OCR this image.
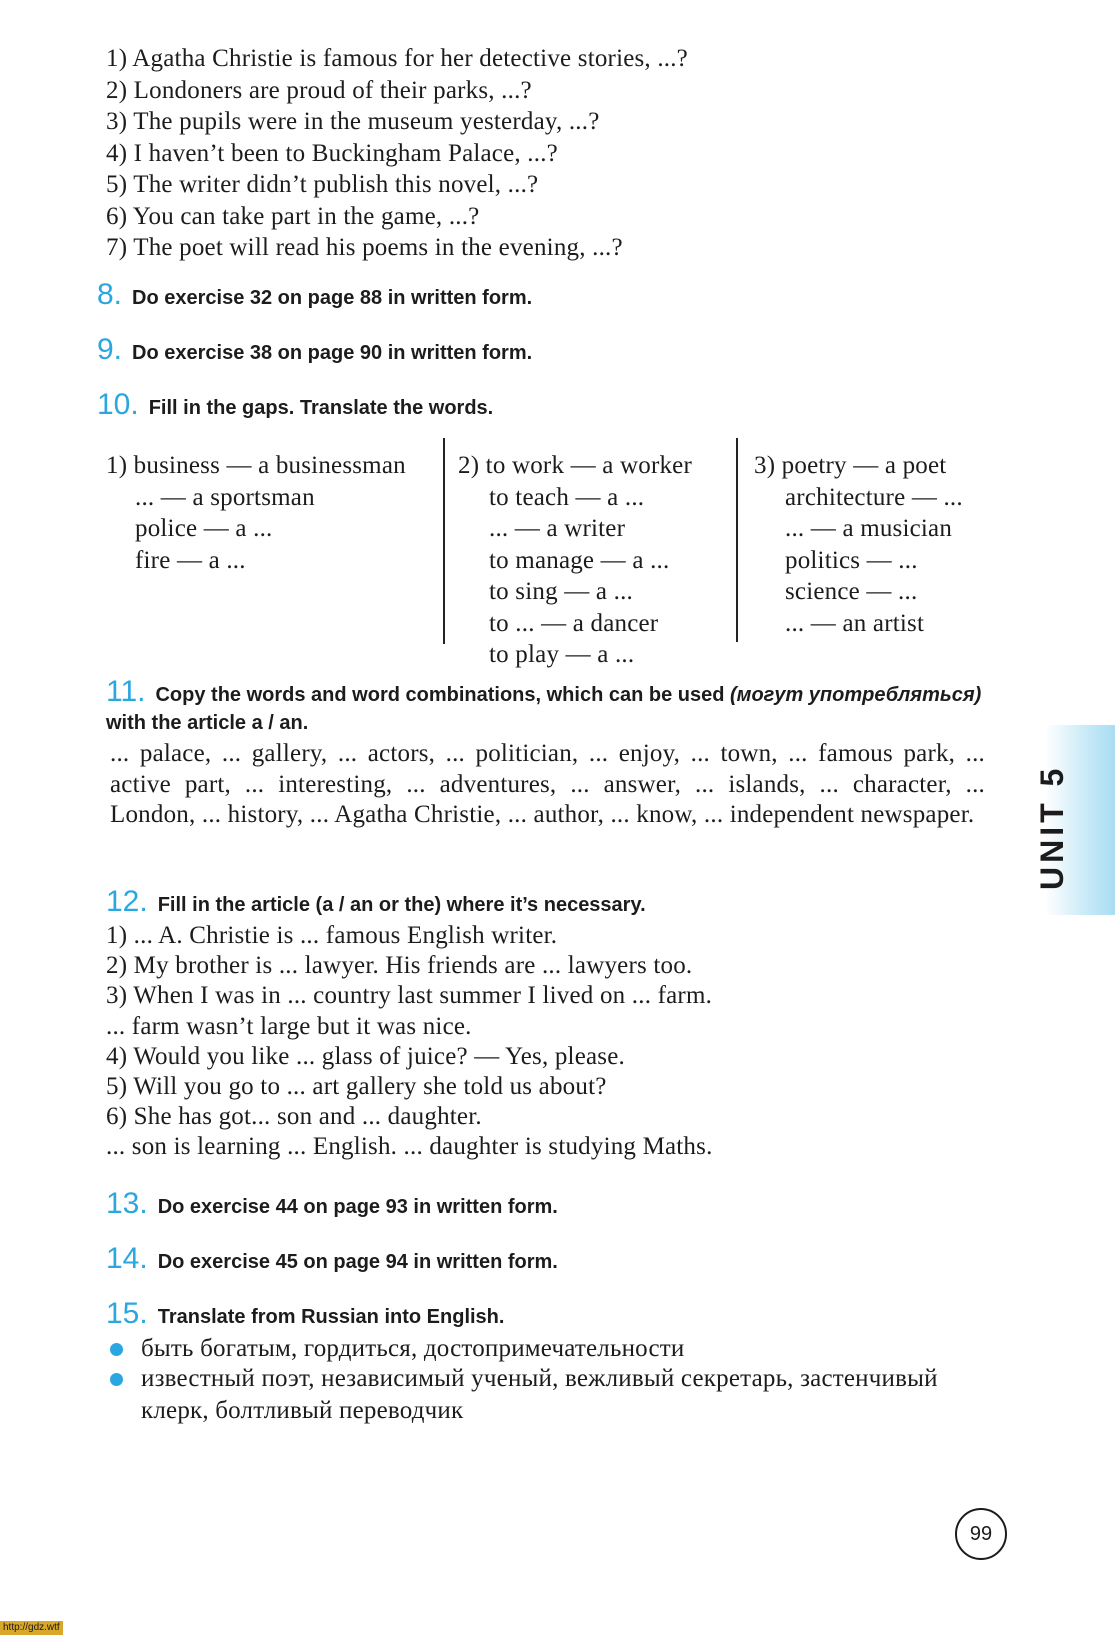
1) Agatha Christie is famous for her detective stories, ...?
2) Londoners are proud of their parks, ...?
3) The pupils were in the museum yesterday, ...?
4) I haven’t been to Buckingham Palace, ...?
5) The writer didn’t publish this novel, ...?
6) You can take part in the game, ...?
7) The poet will read his poems in the evening, ...?
8. Do exercise 32 on page 88 in written form.
9. Do exercise 38 on page 90 in written form.
10. Fill in the gaps. Translate the words.
1) business — a businessman
... — a sportsman
police — a ...
fire — a ...
2) to work — a worker
to teach — a ...
... — a writer
to manage — a ...
to sing — a ...
to ... — a dancer
to play — a ...
3) poetry — a poet
architecture — ...
... — a musician
politics — ...
science — ...
... — an artist
11. Copy the words and word combinations, which can be used (могут употребляться) with the article a / an.
... palace, ... gallery, ... actors, ... politician, ... enjoy, ... town, ... famous park, ... active part, ... interesting, ... adventures, ... answer, ... islands, ... character, ... London, ... history, ... Agatha Christie, ... author, ... know, ... independent newspaper.
12. Fill in the article (a / an or the) where it’s necessary.
1) ... A. Christie is ... famous English writer.
2) My brother is ... lawyer. His friends are ... lawyers too.
3) When I was in ... country last summer I lived on ... farm.
... farm wasn’t large but it was nice.
4) Would you like ... glass of juice? — Yes, please.
5) Will you go to ... art gallery she told us about?
6) She has got... son and ... daughter.
... son is learning ... English. ... daughter is studying Maths.
13. Do exercise 44 on page 93 in written form.
14. Do exercise 45 on page 94 in written form.
15. Translate from Russian into English.
быть богатым, гордиться, достопримечательности
известный поэт, независимый ученый, вежливый секретарь, застенчивый клерк, болтливый переводчик
UNIT 5
99
http://gdz.wtf
